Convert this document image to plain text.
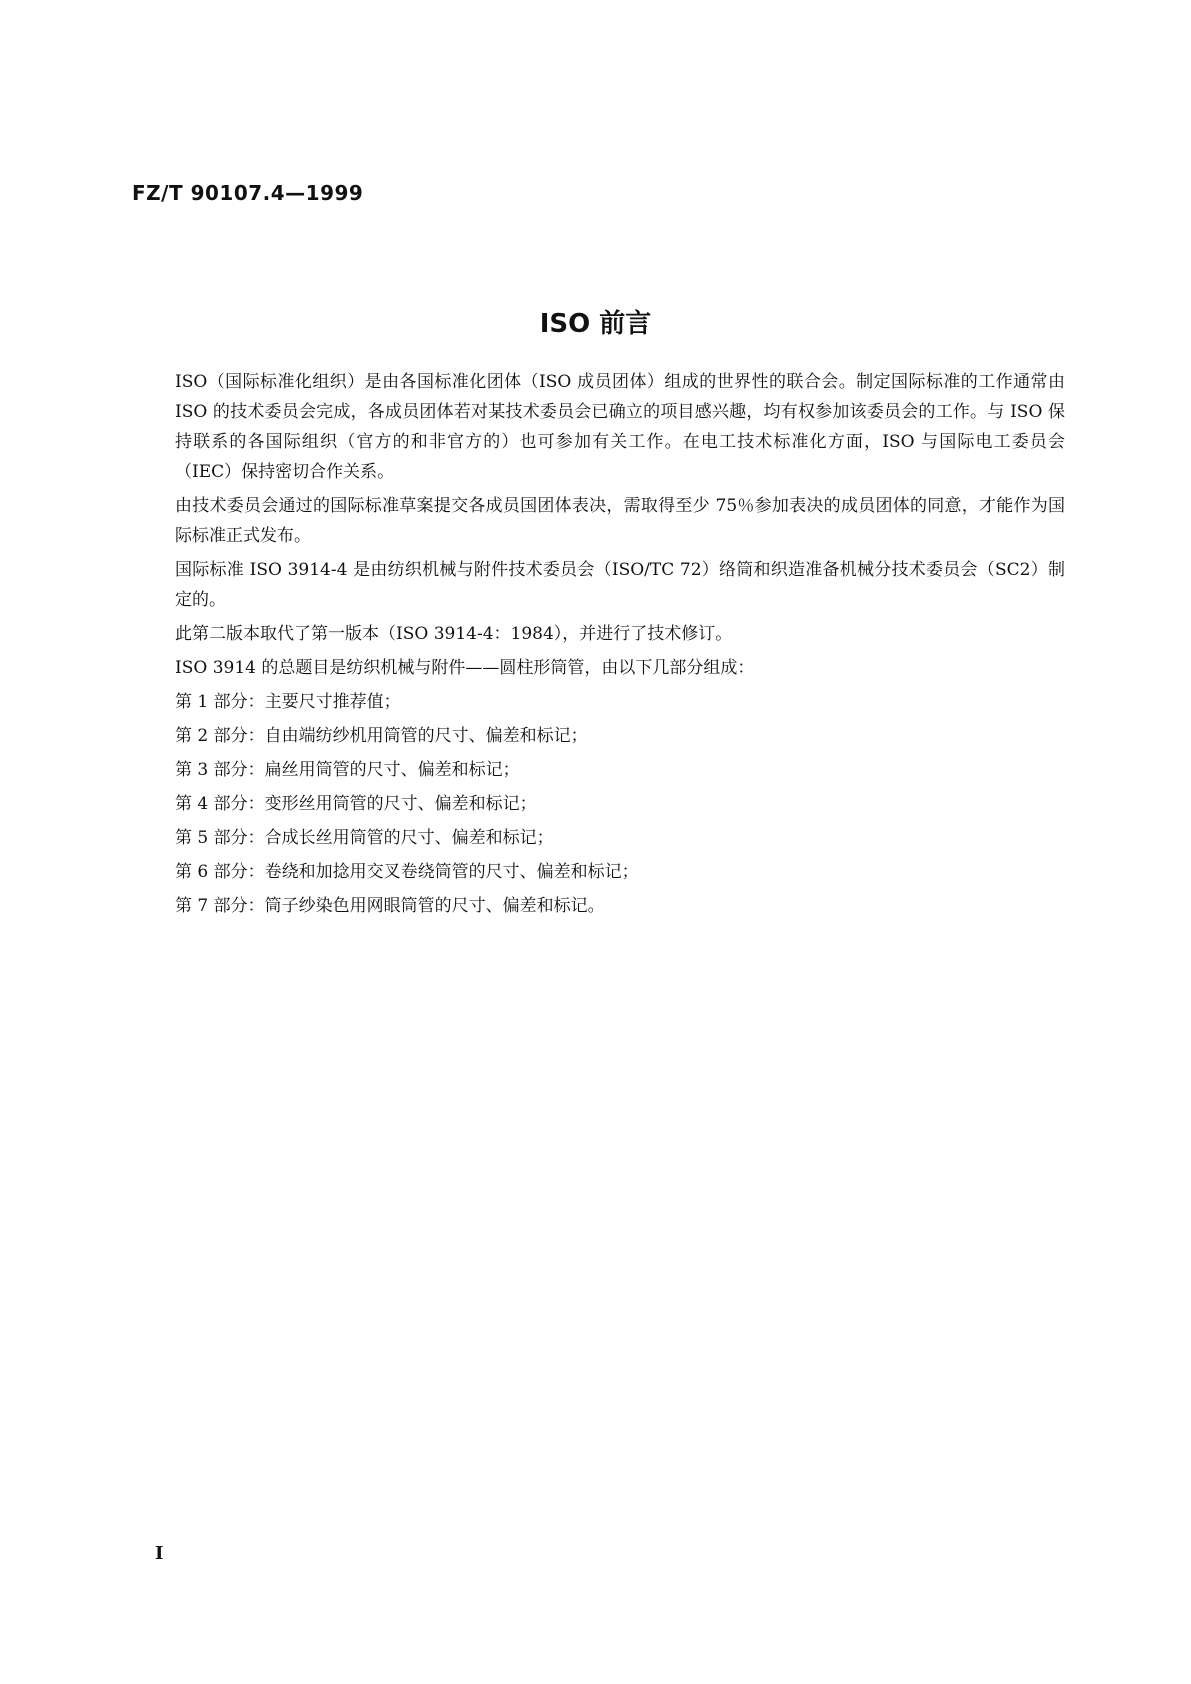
FZ/T 90107.4—1999
ISO 前言

ISO（国际标准化组织）是由各国标准化团体（ISO 成员团体）组成的世界性的联合会。制定国际标准的工作通常由 ISO 的技术委员会完成，各成员团体若对某技术委员会已确立的项目感兴趣，均有权参加该委员会的工作。与 ISO 保持联系的各国际组织（官方的和非官方的）也可参加有关工作。在电工技术标准化方面，ISO 与国际电工委员会（IEC）保持密切合作关系。

由技术委员会通过的国际标准草案提交各成员国团体表决，需取得至少 75％参加表决的成员团体的同意，才能作为国际标准正式发布。

国际标准 ISO 3914-4 是由纺织机械与附件技术委员会（ISO/TC 72）络筒和织造准备机械分技术委员会（SC2）制定的。

此第二版本取代了第一版本（ISO 3914-4：1984），并进行了技术修订。

ISO 3914 的总题目是纺织机械与附件——圆柱形筒管，由以下几部分组成：

第 1 部分：主要尺寸推荐值；
第 2 部分：自由端纺纱机用筒管的尺寸、偏差和标记；
第 3 部分：扁丝用筒管的尺寸、偏差和标记；
第 4 部分：变形丝用筒管的尺寸、偏差和标记；
第 5 部分：合成长丝用筒管的尺寸、偏差和标记；
第 6 部分：卷绕和加捻用交叉卷绕筒管的尺寸、偏差和标记；
第 7 部分：筒子纱染色用网眼筒管的尺寸、偏差和标记。
I
